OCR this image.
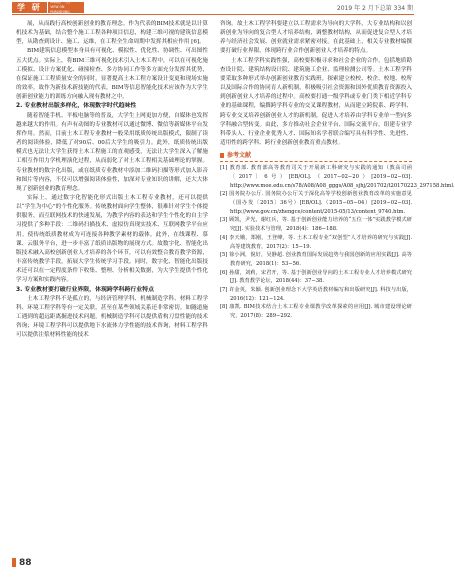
学 研
出版广角
VIEW ON PUBLISHING	2019 年 2 月下总第 334 期

展，从而践行高校创新创业的教育理念。作为代表的BIM技术就是以计算机技术为基础，结合整个施工工程各种项目信息，构建三维可视的建筑信息模型，从勘查到设计、施工、运维，在工程全生命周期中发挥其相应作用 [6]。

BIM建筑信息模型本身具有可视化、模拟性、优化性、协调性、可出图性五大优点。实际上，将BIM三维可视化技术引入土木工程中，可以在可视化施工模拟、设计方案优化、碰撞检查、多方协同工作等多方面充分发挥其优势，在保证施工工程质量安全的同时，显著提高土木工程方案设计变更和现场实施的效率。故作为新技术新技能的代表，BIM等信息智能化技术应该作为大学生创新创业能力的训练方向融入现有教材之中。

2. 专业教材出版多样化，体现数字时代趋味性

随着智能手机、平板电脑等的普及，大学生上网更加方便，自媒体也发挥越来越大的作用。有声有动图的专业教材可以通过微博、微信等新媒体平台发挥作用。然而，目前土木工程专业教材一般采用纸质传统出版模式，限制了读者的阅读体验，降低了对90后、00后大学生的吸引力。此外，纸质传统出版模式也无法让大学生获得土木工程施工的直观感受，无法让大学生深入了解施工相互作用力学机理演化过程，从而弱化了对土木工程相关基础理论的掌握。专业教材的数字化出版，或在纸质专业教材中添加二维码扫描等形式加入影音和图片等内容，不仅可以增强阅读体验性，加深对专业知识的讲解，还大大体现了创新创业的教育理念。

实际上，通过数字化智能化形式出版土木工程专业教材，还可以提供以“学生为中心”的个性化服务。传统教材面向学生整体，很难针对学生个体提供服务，而互联网技术的快速发展，为教学内容的表达和学生个性化的自主学习提供了多种手段：二维码扫描技术、虚拟仿真现实技术、互联网教学平台应用。使传统纸质教材成为可连接各种教学素材的载体。此外，在线课程、慕课、云服务平台，进一步丰富了纸质出版物的展现方式。故数字化、智能化出版技术融入高校创新创业人才培养的各个环节，可以有效整合教育教学资源，丰富传统教学手段，拓展大学生传统学习手段。同时，数字化、智能化出版技术还可以在一定程度条件下收集、整理、分析相关数据，为大学生提供个性化学习方案和实践内容。

3. 专业教材要打破行业界限，体现跨学科跨行业特点

土木工程学科不是孤立的，与经济管理学科、机械制造学科、材料工程学科、环境工程学科等有一定关联，甚至在某些领域关系还非常密切。如隧道施工遇到的超远距离掘进技术问题，机械制造学科可以提供盾构刀盘性能的技术咨询；环境工程学科可以提供地下水流体力学性能的技术咨询，材料工程学科可以提供注浆材料性能的技术

咨询。故土木工程学科要建立以工程需求为导向的大学科，大专业结构和以创新创业为导向的复合型人才培养结构，调整教材结构，从而促进复合型人才培养与经济社会发展、创业就业需求紧密对接。在此基础上，相关专业教材编撰要打破行业界限，体现跨行业合作创新创业人才培养的特点。

土木工程学科实践性强，高校要积极寻求和社会企业的合作，包括地质勘查设计院、建筑结构设计院、建筑施工企业、监理检测公司等。土木工程学科要采取多种形式举办创新创业教育实践班。探索建立校校、校企、校地、校所以及国际合作的协同育人新机制，积极吸引社会资源和国外优质教育资源投入到创新创业人才培养的过程中。高校要打通一级学科或专业门类下相近学科专业的基础课程，编撰跨学科专业的交叉课程教材，从而建立跨院系、跨学科、跨专业交叉培养创新创业人才的新机制，促进人才培养由学科专业单一型向多学科融合型转变。由此，多方推动社会企业平台、国际交流平台，组建专业学科带头人、行业企业优秀人才、国际知名学者联合编写具有科学性、先进性、适用性的跨学科、跨行业创新创业教育重点教材。

参考文献
[1] 教育部. 教育部高等教育司关于开展新工科研究与实践的通知（教高司函〔2017〕6号）[EB/OL].（2017−02−20）[2019−02−03]. http://www.moe.edu.cn/s78/A08/A08_gggs/A08_sjhj/201702/t20170223_297158.html.
[2] 国务院办公厅. 国务院办公厅关于深化高等学校创新创业教育改革的实施意见（国办发〔2015〕36号）[EB/OL].（2015−05−04）[2019−02−03]. http://www.gov.cn/zhengce/content/2015-05/13/content_9740.htm.
[3] 顾凯，尹光，谢红兵，等. 基于创新创业能力培养的“五位一体”实践教学模式研究[J]. 实验技术与管理，2018(4)：186−188.
[4] 李天娥，郑刚，王登峰，等. 土木工程专业“双创型”人才培养的研究与实践[J]. 高等建筑教育，2017(2)：15−19.
[5] 徐小洲，倪好，吴静超. 创业教育国际发展趋势与我国创新的应用实践[J]. 高等教育研究，2018(1)：53−56.
[6] 孙甜，刘莉，宋君开，等. 基于创新创业导向的土木工程专业人才培养模式研究[J]. 教育教学论坛，2018(44)：37−38.
[7] 许金英，朱颖. 创新创业理念下大学英语教材编写和出版研究[J]. 科技与出版，2016(12)：121−124.
[8] 康凯. BIM技术结合土木工程专业课教学改革探索的应用[J]. 城市建设理论研究，2017(8)：289−292.
88
